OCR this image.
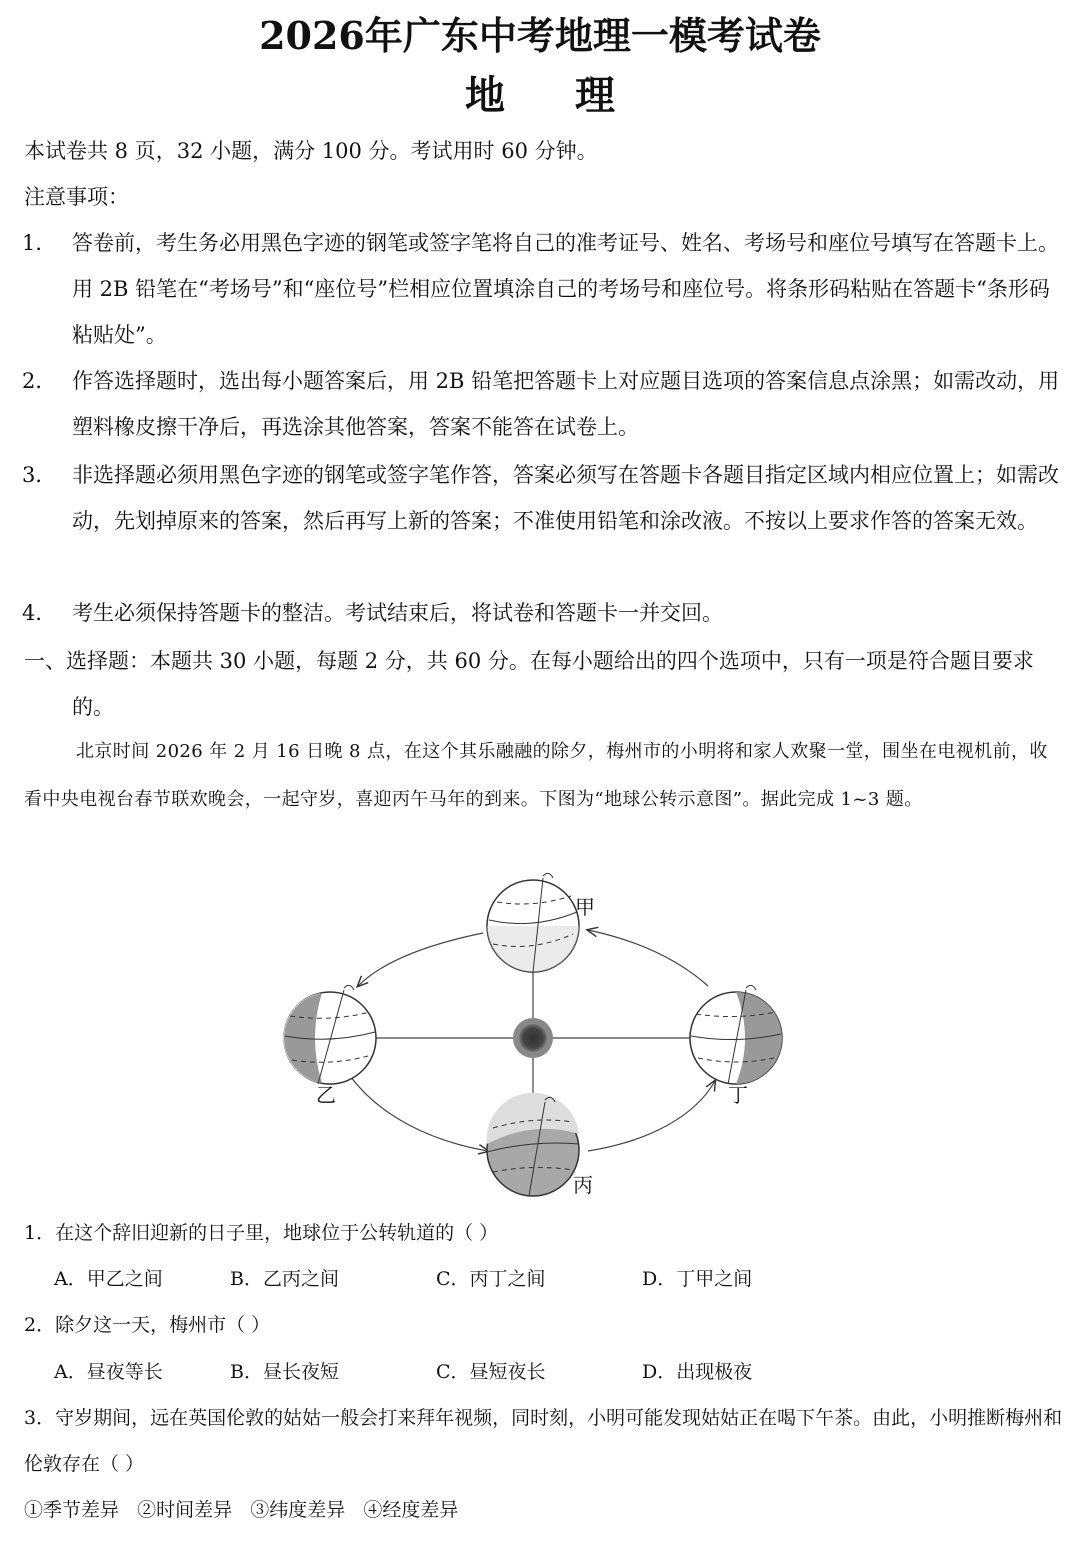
2026年广东中考地理一模考试卷
地 理
本试卷共 8 页，32 小题，满分 100 分。考试用时 60 分钟。
注意事项：
1． 答卷前，考生务必用黑色字迹的钢笔或签字笔将自己的准考证号、姓名、考场号和座位号填写在答题卡上。用 2B 铅笔在“考场号”和“座位号”栏相应位置填涂自己的考场号和座位号。将条形码粘贴在答题卡“条形码粘贴处”。
2． 作答选择题时，选出每小题答案后，用 2B 铅笔把答题卡上对应题目选项的答案信息点涂黑；如需改动，用塑料橡皮擦干净后，再选涂其他答案，答案不能答在试卷上。
3． 非选择题必须用黑色字迹的钢笔或签字笔作答，答案必须写在答题卡各题目指定区域内相应位置上；如需改动，先划掉原来的答案，然后再写上新的答案；不准使用铅笔和涂改液。不按以上要求作答的答案无效。
4． 考生必须保持答题卡的整洁。考试结束后，将试卷和答题卡一并交回。
一、选择题：本题共 30 小题，每题 2 分，共 60 分。在每小题给出的四个选项中，只有一项是符合题目要求的。
北京时间 2026 年 2 月 16 日晚 8 点，在这个其乐融融的除夕，梅州市的小明将和家人欢聚一堂，围坐在电视机前，收看中央电视台春节联欢晚会，一起守岁，喜迎丙午马年的到来。下图为“地球公转示意图”。据此完成 1~3 题。
甲
乙
丙
丁
1．在这个辞旧迎新的日子里，地球位于公转轨道的（ ）
A．甲乙之间	B．乙丙之间	C．丙丁之间	D．丁甲之间
2．除夕这一天，梅州市（ ）
A．昼夜等长	B．昼长夜短	C．昼短夜长	D．出现极夜
3．守岁期间，远在英国伦敦的姑姑一般会打来拜年视频，同时刻，小明可能发现姑姑正在喝下午茶。由此，小明推断梅州和伦敦存在（ ）
①季节差异   ②时间差异   ③纬度差异   ④经度差异
